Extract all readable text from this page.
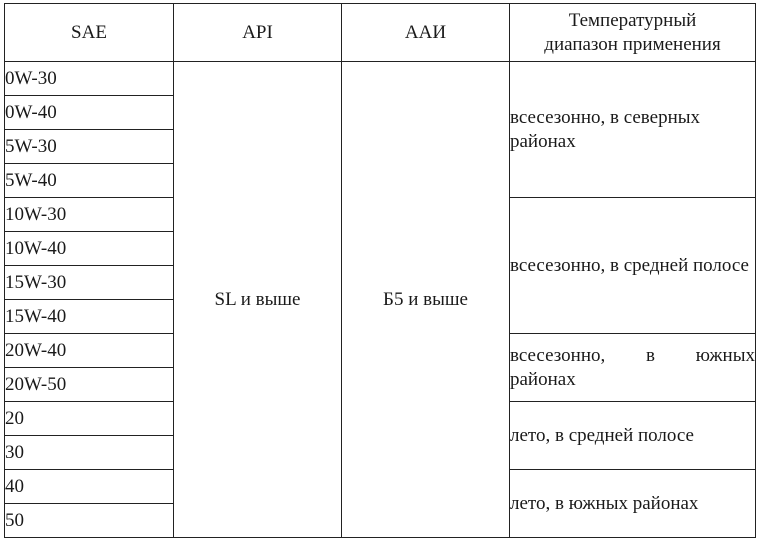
SAE	API	ААИ	Температурный
диапазон применения

0W-30	SL и выше	Б5 и выше	всесезонно, в северных районах
0W-40			
5W-30			
5W-40			
10W-30			всесезонно, в средней полосе
10W-40			
15W-30			
15W-40			
20W-40			всесезонно, в южных
районах
20W-50			
20			лето, в средней полосе
30			
40			лето, в южных районах
50			
